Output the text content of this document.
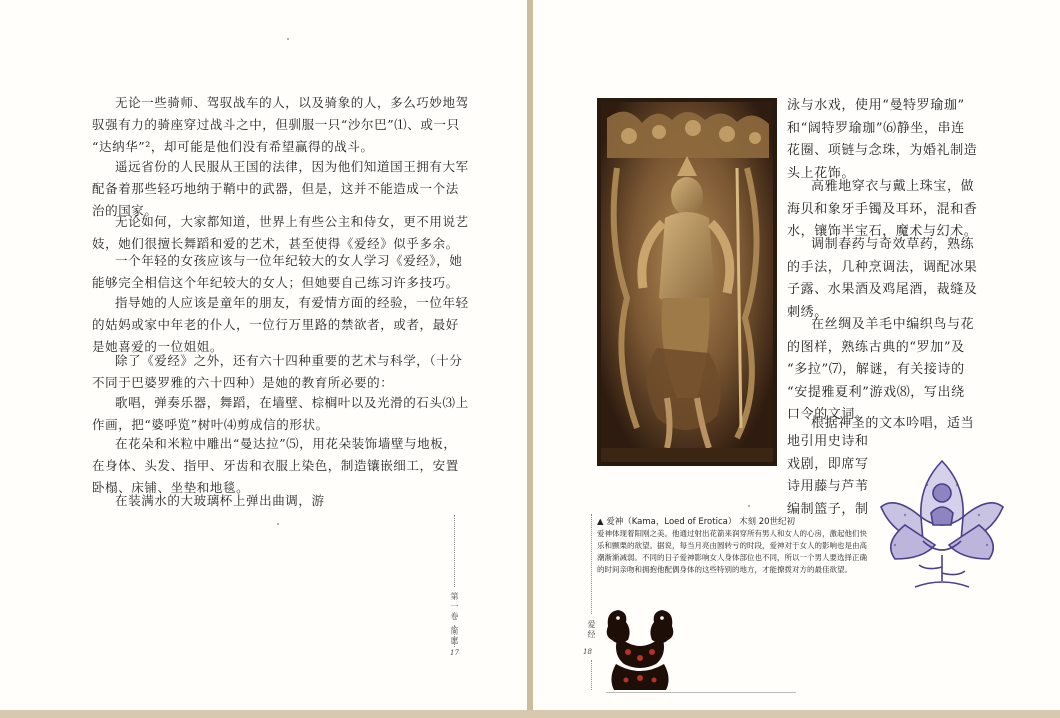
无论一些骑师、驾驭战车的人，以及骑象的人，多么巧妙地驾
驭强有力的骑座穿过战斗之中，但驯服一只“沙尔巴”⑴、或一只
“达纳华”²，却可能是他们没有希望赢得的战斗。
遥远省份的人民服从王国的法律，因为他们知道国王拥有大军
配备着那些轻巧地纳于鞘中的武器，但是，这并不能造成一个法
治的国家。
无论如何，大家都知道，世界上有些公主和侍女，更不用说艺
妓，她们很擅长舞蹈和爱的艺术，甚至使得《爱经》似乎多余。
一个年轻的女孩应该与一位年纪较大的女人学习《爱经》，她
能够完全相信这个年纪较大的女人；但她要自己练习许多技巧。
指导她的人应该是童年的朋友，有爱情方面的经验，一位年轻
的姑妈或家中年老的仆人，一位行万里路的禁欲者，或者，最好
是她喜爱的一位姐姐。
除了《爱经》之外，还有六十四种重要的艺术与科学，（十分
不同于巴婆罗雅的六十四种）是她的教育所必要的：
歌唱，弹奏乐器，舞蹈，在墙壁、棕榈叶以及光滑的石头⑶上
作画，把“婆呼览”树叶⑷剪成信的形状。
在花朵和米粒中雕出“曼达拉”⑸，用花朵装饰墙壁与地板，
在身体、头发、指甲、牙齿和衣服上染色，制造镶嵌细工，安置
卧榻、床铺、坐垫和地毯。
在装满水的大玻璃杯上弹出曲调，游
第一卷 简愿
17
泳与水戏，使用“曼特罗瑜珈”
和“阔特罗瑜珈”⑹静坐，串连
花圈、项链与念珠，为婚礼制造
头上花饰。
高雅地穿衣与戴上珠宝，做
海贝和象牙手镯及耳环，混和香
水，镶饰半宝石，魔术与幻术。
调制春药与奇效草药，熟练
的手法，几种烹调法，调配冰果
子露、水果酒及鸡尾酒，裁缝及
刺绣。
在丝绸及羊毛中编织鸟与花
的图样，熟练古典的“罗加”及
“多拉”⑺，解谜，有关接诗的
“安提雅夏利”游戏⑻，写出绕
口令的文词。
根据神圣的文本吟唱，适当
地引用史诗和
戏剧，即席写
诗用藤与芦苇
编制篮子，制
▲ 爱神（Kama，Loed of Erotica） 木刻 20世纪初
爱神体现着阳刚之美。他通过射出花箭来润穿所有男人和女人的心房，激起他们快乐和颤栗的欲望。据说，每当月亮由圆转亏的时段，爱神对于女人的影响也是由高潮渐渐减弱。不同的日子爱神影响女人身体部位也不同，所以一个男人要选择正确的时间亲吻和拥抱他配偶身体的这些特别的地方，才能撩拨对方的最佳欲望。
爱经
18
